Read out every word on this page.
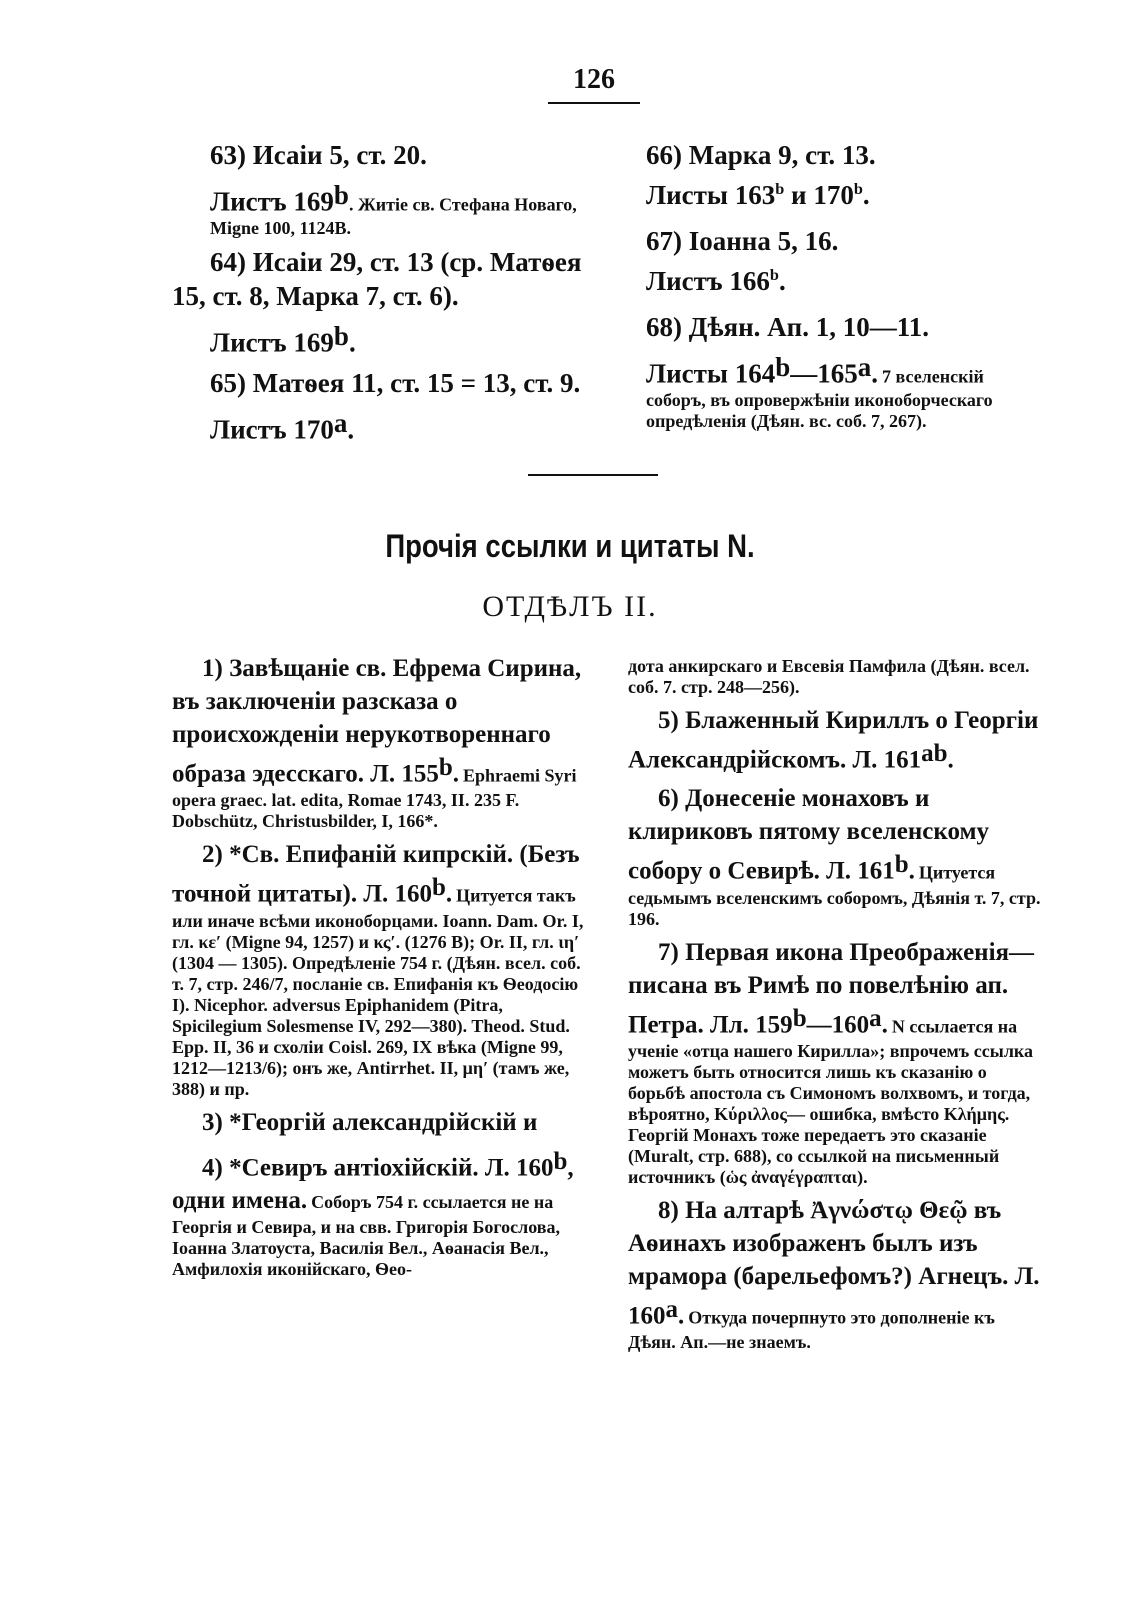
126
63) Исаіи 5, ст. 20.
Листъ 169$^b$. Житіе св. Стефана Новаго, Migne 100, 1124B.
64) Исаіи 29, ст. 13 (ср. Матѳея 15, ст. 8, Марка 7, ст. 6).
Листъ 169$^b$.
65) Матѳея 11, ст. 15 = 13, ст. 9.
Листъ 170$^a$.
66) Марка 9, ст. 13.
Листы 163$^b$ и 170$^b$.
67) Іоанна 5, 16.
Листъ 166$^b$.
68) Дѣян. Ап. 1, 10—11.
Листы 164$^b$—165$^a$. 7 вселенскій соборъ, въ опровержѣніи иконоборческаго опредѣленія (Дѣян. вс. соб. 7, 267).
Прочія ссылки и цитаты N.
ОТДѢЛЪ II.
1) Завѣщаніе св. Ефрема Сирина, въ заключеніи разсказа о происхожденіи нерукотвореннаго образа эдесскаго. Л. 155$^b$. Ephraemi Syri opera graec. lat. edita, Romae 1743, II. 235 F. Dobschütz, Christusbilder, I, 166*.
2) *Св. Епифаній кипрскій. (Безъ точной цитаты). Л. 160$^b$. Цитуется такъ или иначе всѣми иконоборцами. Ioann. Dam. Or. I, гл. κε′ (Migne 94, 1257) и κς′. (1276 B); Or. II, гл. ιη′ (1304 — 1305). Опредѣленіе 754 г. (Дѣян. всел. соб. т. 7, стр. 246/7, посланіе св. Епифанія къ Ѳеодосію I). Nicephor. adversus Epiphanidem (Pitra, Spicilegium Solesmense IV, 292—380). Theod. Stud. Epp. II, 36 и схоліи Coisl. 269, IX вѣка (Migne 99, 1212—1213/6); онъ же, Antirrhet. II, μη′ (тамъ же, 388) и пр.
3) *Георгій александрійскій и
4) *Севиръ антіохійскій. Л. 160$^b$, одни имена. Соборъ 754 г. ссылается не на Георгія и Севира, и на свв. Григорія Богослова, Іоанна Златоуста, Василія Вел., Аѳанасія Вел., Амфилохія иконійскаго, Ѳео-
дота анкирскаго и Евсевія Памфила (Дѣян. всел. соб. 7. стр. 248—256).
5) Блаженный Кириллъ о Георгіи Александрійскомъ. Л. $161^{ab}$.
6) Донесеніе монаховъ и клириковъ пятому вселенскому собору о Севирѣ. Л. 161$^b$. Цитуется седьмымъ вселенскимъ соборомъ, Дѣянія т. 7, стр. 196.
7) Первая икона Преображенія—писана въ Римѣ по повелѣнію ап. Петра. Лл. 159$^b$—160$^a$. N ссылается на ученіе «отца нашего Кирилла»; впрочемъ ссылка можетъ быть относится лишь къ сказанію о борьбѣ апостола съ Симономъ волхвомъ, и тогда, вѣроятно, Κύριλλος— ошибка, вмѣсто Κλήμης. Георгій Монахъ тоже передаетъ это сказаніе (Muralt, стр. 688), со ссылкой на письменный источникъ (ὡς ἀναγέγραπται).
8) На алтарѣ Ἀγνώστῳ Θεῷ въ Аѳинахъ изображенъ былъ изъ мрамора (барельефомъ?) Агнецъ. Л. 160$^a$. Откуда почерпнуто это дополненіе къ Дѣян. Ап.—не знаемъ.
